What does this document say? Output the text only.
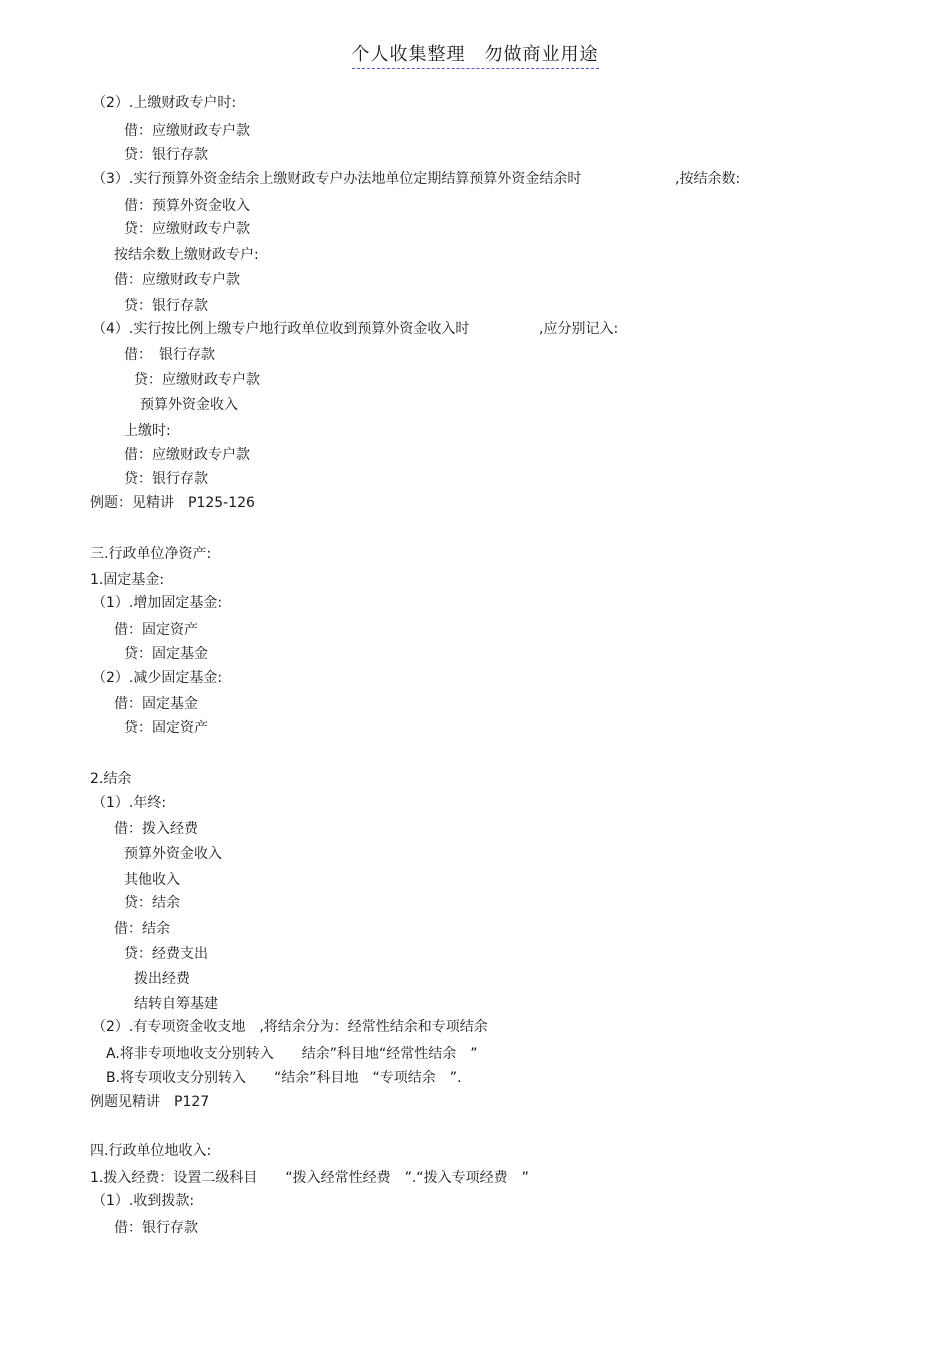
个人收集整理　勿做商业用途
（2）.上缴财政专户时:
借：应缴财政专户款
贷：银行存款
（3）.实行预算外资金结余上缴财政专户办法地单位定期结算预算外资金结余时	,按结余数:
借：预算外资金收入
贷：应缴财政专户款
按结余数上缴财政专户:
借：应缴财政专户款
贷：银行存款
（4）.实行按比例上缴专户地行政单位收到预算外资金收入时	,应分别记入:
借：　银行存款
贷：应缴财政专户款
预算外资金收入
上缴时:
借：应缴财政专户款
贷：银行存款
例题：见精讲　P125-126
三.行政单位净资产:
1.固定基金:
（1）.增加固定基金:
借：固定资产
贷：固定基金
（2）.减少固定基金:
借：固定基金
贷：固定资产
2.结余
（1）.年终:
借：拨入经费
预算外资金收入
其他收入
贷：结余
借：结余
贷：经费支出
拨出经费
结转自筹基建
（2）.有专项资金收支地　,将结余分为：经常性结余和专项结余
A.将非专项地收支分别转入　　结余”科目地“经常性结余　”
B.将专项收支分别转入　　“结余”科目地　“专项结余　”.
例题见精讲　P127
四.行政单位地收入:
1.拨入经费：设置二级科目　　“拨入经常性经费　”.“拨入专项经费　”
（1）.收到拨款:
借：银行存款
